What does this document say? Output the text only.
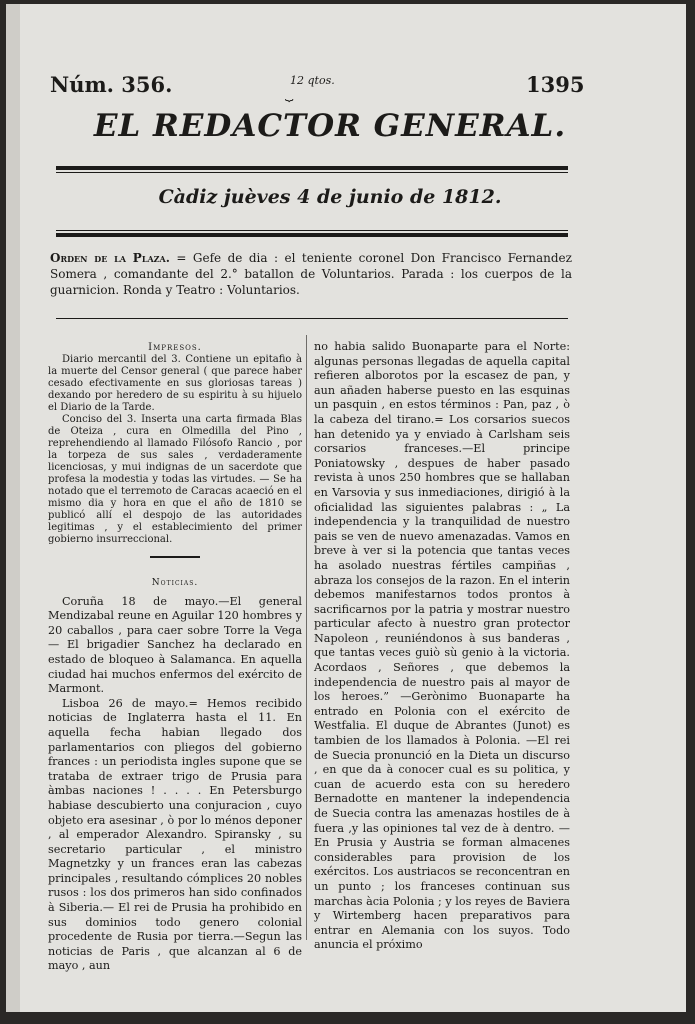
Núm. 356.	12 qtos.
⏟	1395
EL REDACTOR GENERAL.
Càdiz juèves 4 de junio de 1812.
Orden de la Plaza. = Gefe de dia : el teniente coronel Don Francisco Fernandez Somera , comandante del 2.° batallon de Voluntarios. Parada : los cuerpos de la guarnicion. Ronda y Teatro : Voluntarios.

Impresos.

Diario mercantil del 3. Contiene un epitafio à la muerte del Censor general ( que parece haber cesado efectivamente en sus gloriosas tareas ) dexando por heredero de su espiritu à su hijuelo el Diario de la Tarde.

Conciso del 3. Inserta una carta firmada Blas de Oteiza , cura en Olmedilla del Pino , reprehendiendo al llamado Filósofo Rancio , por la torpeza de sus sales , verdaderamente licenciosas, y mui indignas de un sacerdote que profesa la modestia y todas las virtudes. — Se ha notado que el terremoto de Caracas acaeció en el mismo dia y hora en que el año de 1810 se publicó allí el despojo de las autoridades legitimas , y el establecimiento del primer gobierno insurreccional.

Noticias.

Coruña 18 de mayo.—El general Mendizabal reune en Aguilar 120 hombres y 20 caballos , para caer sobre Torre la Vega— El brigadier Sanchez ha declarado en estado de bloqueo à Salamanca. En aquella ciudad hai muchos enfermos del exército de Marmont.

Lisboa 26 de mayo.= Hemos recibido noticias de Inglaterra hasta el 11. En aquella fecha habian llegado dos parlamentarios con pliegos del gobierno frances : un periodista ingles supone que se trataba de extraer trigo de Prusia para àmbas naciones ! . . . . En Petersburgo habiase descubierto una conjuracion , cuyo objeto era asesinar , ò por lo ménos deponer , al emperador Alexandro. Spiransky , su secretario particular , el ministro Magnetzky y un frances eran las cabezas principales , resultando cómplices 20 nobles rusos : los dos primeros han sido confinados à Siberia.— El rei de Prusia ha prohibido en sus dominios todo genero colonial procedente de Rusia por tierra.—Segun las noticias de Paris , que alcanzan al 6 de mayo , aun

no habia salido Buonaparte para el Norte: algunas personas llegadas de aquella capital refieren alborotos por la escasez de pan, y aun añaden haberse puesto en las esquinas un pasquin , en estos términos : Pan, paz , ò la cabeza del tirano.= Los corsarios suecos han detenido ya y enviado à Carlsham seis corsarios franceses.—El principe Poniatowsky , despues de haber pasado revista à unos 250 hombres que se hallaban en Varsovia y sus inmediaciones, dirigió à la oficialidad las siguientes palabras : „ La independencia y la tranquilidad de nuestro pais se ven de nuevo amenazadas. Vamos en breve à ver si la potencia que tantas veces ha asolado nuestras fértiles campiñas , abraza los consejos de la razon. En el interin debemos manifestarnos todos prontos à sacrificarnos por la patria y mostrar nuestro particular afecto à nuestro gran protector Napoleon , reuniéndonos à sus banderas , que tantas veces guiò sù genio à la victoria. Acordaos , Señores , que debemos la independencia de nuestro pais al mayor de los heroes.” —Gerònimo Buonaparte ha entrado en Polonia con el exército de Westfalia. El duque de Abrantes (Junot) es tambien de los llamados à Polonia. —El rei de Suecia pronunció en la Dieta un discurso , en que da à conocer cual es su politica, y cuan de acuerdo esta con su heredero Bernadotte en mantener la independencia de Suecia contra las amenazas hostiles de à fuera ,y las opiniones tal vez de à dentro. — En Prusia y Austria se forman almacenes considerables para provision de los exércitos. Los austriacos se reconcentran en un punto ; los franceses continuan sus marchas àcia Polonia ; y los reyes de Baviera y Wirtemberg hacen preparativos para entrar en Alemania con los suyos. Todo anuncia el próximo
